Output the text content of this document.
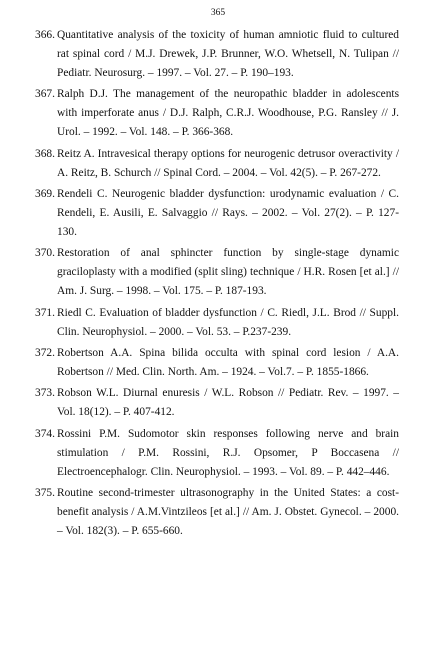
365
366. Quantitative analysis of the toxicity of human amniotic fluid to cultured rat spinal cord / M.J. Drewek, J.P. Brunner, W.O. Whetsell, N. Tulipan // Pediatr. Neurosurg. – 1997. – Vol. 27. – P. 190–193.
367. Ralph D.J. The management of the neuropathic bladder in adolescents with imperforate anus / D.J. Ralph, C.R.J. Woodhouse, P.G. Ransley // J. Urol. – 1992. – Vol. 148. – P. 366-368.
368. Reitz A. Intravesical therapy options for neurogenic detrusor overactivity / A. Reitz, B. Schurch // Spinal Cord. – 2004. – Vol. 42(5). – P. 267-272.
369. Rendeli C. Neurogenic bladder dysfunction: urodynamic evaluation / C. Rendeli, E. Ausili, E. Salvaggio // Rays. – 2002. – Vol. 27(2). – P. 127-130.
370. Restoration of anal sphincter function by single-stage dynamic graciloplasty with a modified (split sling) technique / H.R. Rosen [et al.] // Am. J. Surg. – 1998. – Vol. 175. – P. 187-193.
371. Riedl C. Evaluation of bladder dysfunction / C. Riedl, J.L. Brod // Suppl. Clin. Neurophysiol. – 2000. – Vol. 53. – P.237-239.
372. Robertson A.A. Spina bilida occulta with spinal cord lesion / A.A. Robertson // Med. Clin. North. Am. – 1924. – Vol.7. – P. 1855-1866.
373. Robson W.L. Diurnal enuresis / W.L. Robson // Pediatr. Rev. – 1997. – Vol. 18(12). – P. 407-412.
374. Rossini P.M. Sudomotor skin responses following nerve and brain stimulation / P.M. Rossini, R.J. Opsomer, P Boccasena // Electroencephalogr. Clin. Neurophysiol. – 1993. – Vol. 89. – P. 442–446.
375. Routine second-trimester ultrasonography in the United States: a cost-benefit analysis / A.M.Vintzileos [et al.] // Am. J. Obstet. Gynecol. – 2000. – Vol. 182(3). – P. 655-660.
